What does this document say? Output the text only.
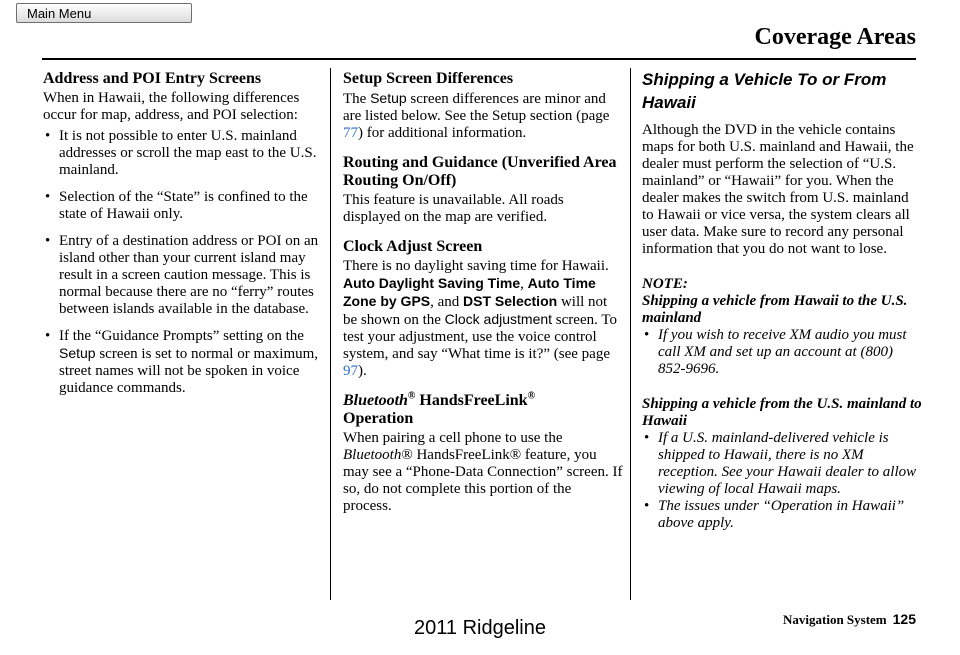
Main Menu
Coverage Areas
Address and POI Entry Screens

When in Hawaii, the following differences occur for map, address, and POI selection:

• It is not possible to enter U.S. mainland addresses or scroll the map east to the U.S. mainland.
• Selection of the “State” is confined to the state of Hawaii only.
• Entry of a destination address or POI on an island other than your current island may result in a screen caution message. This is normal because there are no “ferry” routes between islands available in the database.
• If the “Guidance Prompts” setting on the Setup screen is set to normal or maximum, street names will not be spoken in voice guidance commands.
Setup Screen Differences

The Setup screen differences are minor and are listed below. See the Setup section (page 77) for additional information.

Routing and Guidance (Unverified Area Routing On/Off)

This feature is unavailable. All roads displayed on the map are verified.

Clock Adjust Screen

There is no daylight saving time for Hawaii. Auto Daylight Saving Time, Auto Time Zone by GPS, and DST Selection will not be shown on the Clock adjustment screen. To test your adjustment, use the voice control system, and say “What time is it?” (see page 97).

Bluetooth® HandsFreeLink®
Operation

When pairing a cell phone to use the Bluetooth® HandsFreeLink® feature, you may see a “Phone-Data Connection” screen. If so, do not complete this portion of the process.

Shipping a Vehicle To or From Hawaii

Although the DVD in the vehicle contains maps for both U.S. mainland and Hawaii, the dealer must perform the selection of “U.S. mainland” or “Hawaii” for you. When the dealer makes the switch from U.S. mainland to Hawaii or vice versa, the system clears all user data. Make sure to record any personal information that you do not want to lose.

NOTE:

Shipping a vehicle from Hawaii to the U.S. mainland

• If you wish to receive XM audio you must call XM and set up an account at (800) 852-9696.

Shipping a vehicle from the U.S. mainland to Hawaii

• If a U.S. mainland-delivered vehicle is shipped to Hawaii, there is no XM reception. See your Hawaii dealer to allow viewing of local Hawaii maps.
• The issues under “Operation in Hawaii” above apply.
Navigation System 125
2011 Ridgeline
